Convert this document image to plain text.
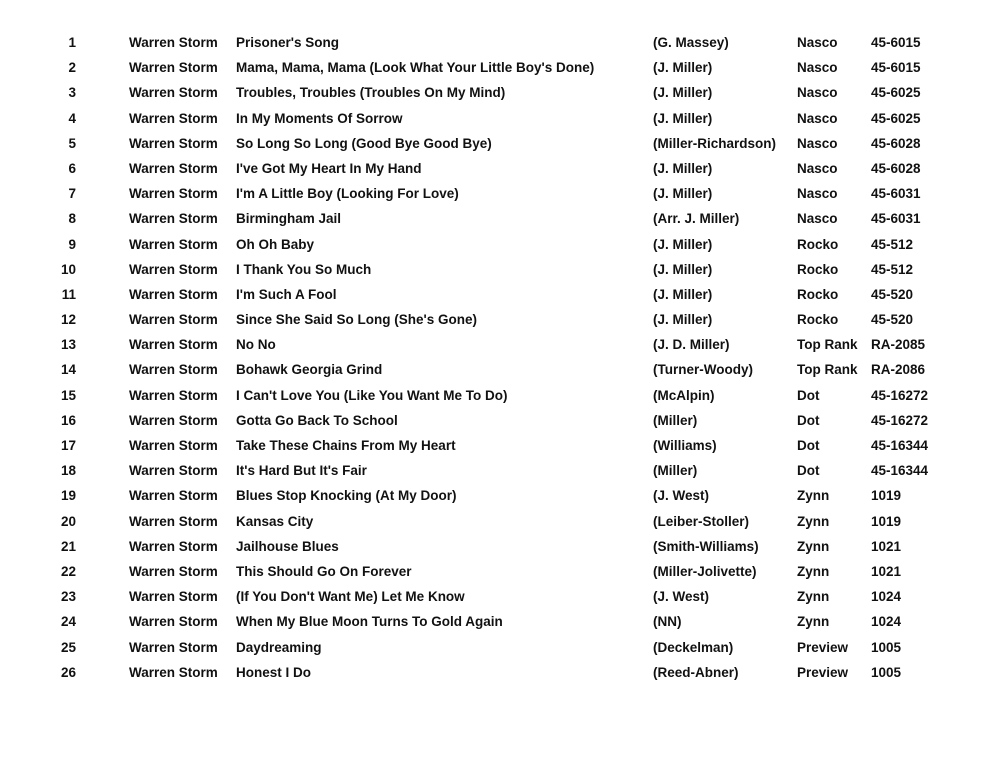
1	Warren Storm Prisoner's Song	(G. Massey)	Nasco 45-6015
2	Warren Storm Mama, Mama, Mama (Look What Your Little Boy's Done)	(J. Miller)	Nasco 45-6015
3	Warren Storm Troubles, Troubles (Troubles On My Mind)	(J. Miller)	Nasco 45-6025
4	Warren Storm In My Moments Of Sorrow	(J. Miller)	Nasco 45-6025
5	Warren Storm So Long So Long (Good Bye Good Bye)	(Miller-Richardson) Nasco 45-6028
6	Warren Storm I've Got My Heart In My Hand	(J. Miller)	Nasco 45-6028
7	Warren Storm I'm A Little Boy (Looking For Love)	(J. Miller)	Nasco 45-6031
8	Warren Storm Birmingham Jail	(Arr. J. Miller)	Nasco 45-6031
9	Warren Storm Oh Oh Baby	(J. Miller)	Rocko 45-512
10	Warren Storm I Thank You So Much	(J. Miller)	Rocko 45-512
11	Warren Storm I'm Such A Fool	(J. Miller)	Rocko 45-520
12	Warren Storm Since She Said So Long (She's Gone)	(J. Miller)	Rocko 45-520
13	Warren Storm No No	(J. D. Miller)	Top Rank RA-2085
14	Warren Storm Bohawk Georgia Grind	(Turner-Woody)	Top Rank RA-2086
15	Warren Storm I Can't Love You (Like You Want Me To Do)	(McAlpin)	Dot	45-16272
16	Warren Storm Gotta Go Back To School	(Miller)	Dot	45-16272
17	Warren Storm Take These Chains From My Heart	(Williams)	Dot	45-16344
18	Warren Storm It's Hard But It's Fair	(Miller)	Dot	45-16344
19	Warren Storm Blues Stop Knocking (At My Door)	(J. West)	Zynn	1019
20	Warren Storm Kansas City	(Leiber-Stoller)	Zynn	1019
21	Warren Storm Jailhouse Blues	(Smith-Williams)	Zynn	1021
22	Warren Storm This Should Go On Forever	(Miller-Jolivette)	Zynn	1021
23	Warren Storm (If You Don't Want Me) Let Me Know	(J. West)	Zynn	1024
24	Warren Storm When My Blue Moon Turns To Gold Again	(NN)	Zynn	1024
25	Warren Storm Daydreaming	(Deckelman)	Preview 1005
26	Warren Storm Honest I Do	(Reed-Abner)	Preview 1005
